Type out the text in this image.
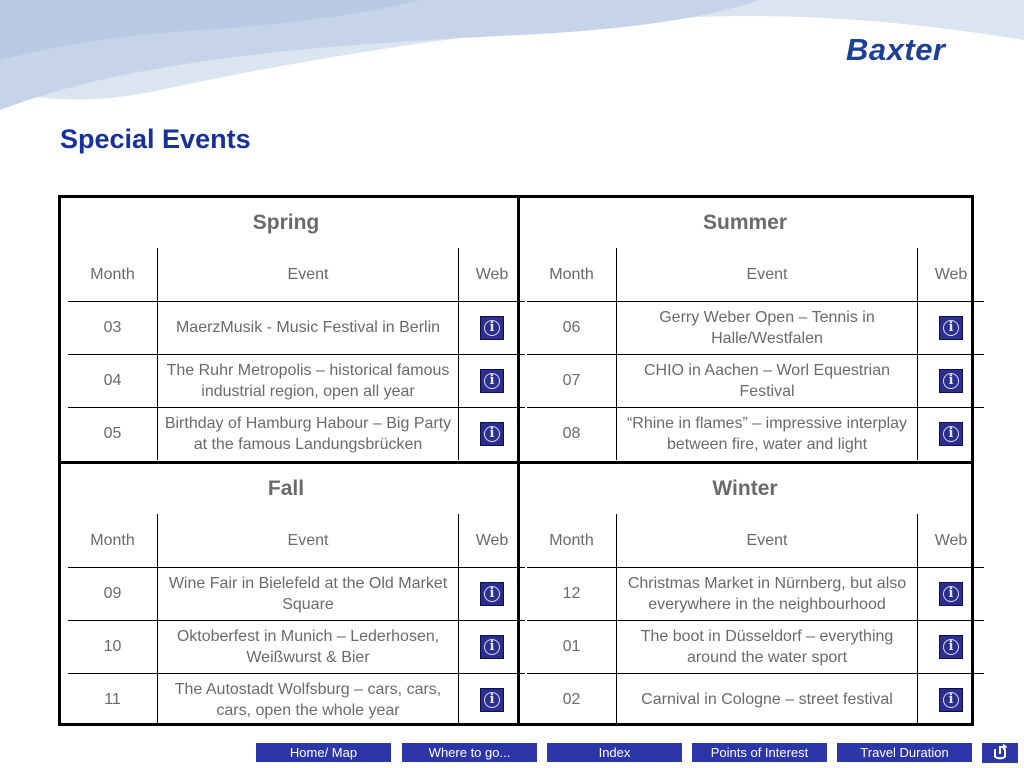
Baxter
Special Events
Spring
Month	Event	Web
03	MaerzMusik - Music Festival in Berlin	i

04	The Ruhr Metropolis – historical famous industrial region, open all year	i

05	Birthday of Hamburg Habour – Big Party at the famous Landungsbrücken	i
Summer
Month	Event	Web
06	Gerry Weber Open – Tennis in Halle/Westfalen	i

07	CHIO in Aachen – Worl Equestrian Festival	i

08	“Rhine in flames” – impressive interplay between fire, water and light	i
Fall
Month	Event	Web
09	Wine Fair in Bielefeld at the Old Market Square	i

10	Oktoberfest in Munich – Lederhosen, Weißwurst & Bier	i

11	The Autostadt Wolfsburg – cars, cars, cars, open the whole year	i
Winter
Month	Event	Web
12	Christmas Market in Nürnberg, but also everywhere in the neighbourhood	i

01	The boot in Düsseldorf – everything around the water sport	i

02	Carnival in Cologne – street festival	i
Home/ Map	Where to go...	Index	Points of Interest	Travel Duration
